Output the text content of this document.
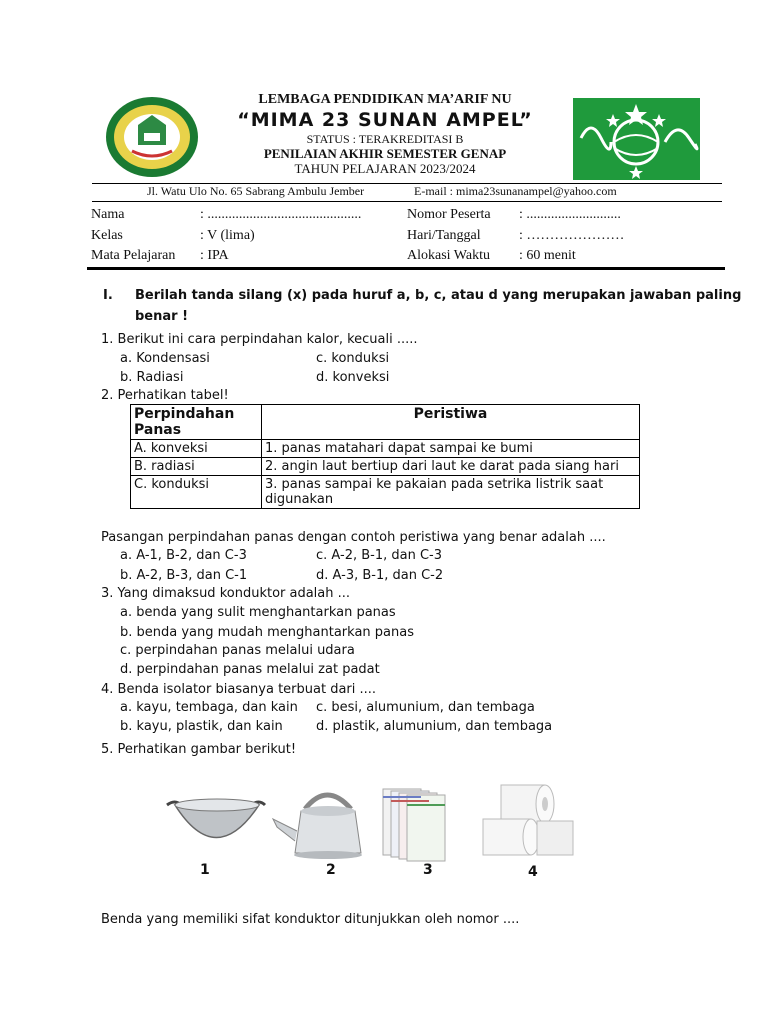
LEMBAGA PENDIDIKAN MA’ARIF NU
“MIMA 23 SUNAN AMPEL”
STATUS : TERAKREDITASI B
PENILAIAN AKHIR SEMESTER GENAP
TAHUN PELAJARAN 2023/2024
Jl. Watu Ulo No. 65 Sabrang Ambulu Jember	E-mail : mima23sunanampel@yahoo.com
Nama	: ............................................	Nomor Peserta : ...........................
Kelas	: V (lima)	Hari/Tanggal	: …………………
Mata Pelajaran : IPA	Alokasi Waktu : 60 menit
I. Berilah tanda silang (x) pada huruf a, b, c, atau d yang merupakan jawaban paling
benar !
1. Berikut ini cara perpindahan kalor, kecuali .....
a. Kondensasi	c. konduksi
b. Radiasi	d. konveksi
2. Perhatikan tabel!
Perpindahan Panas	Peristiwa
A. konveksi	1. panas matahari dapat sampai ke bumi
B. radiasi	2. angin laut bertiup dari laut ke darat pada siang hari
C. konduksi	3. panas sampai ke pakaian pada setrika listrik saat digunakan
Pasangan perpindahan panas dengan contoh peristiwa yang benar adalah ....
a. A-1, B-2, dan C-3	c. A-2, B-1, dan C-3
b. A-2, B-3, dan C-1	d. A-3, B-1, dan C-2
3. Yang dimaksud konduktor adalah ...
a. benda yang sulit menghantarkan panas
b. benda yang mudah menghantarkan panas
c. perpindahan panas melalui udara
d. perpindahan panas melalui zat padat
4. Benda isolator biasanya terbuat dari ....
a. kayu, tembaga, dan kain c. besi, alumunium, dan tembaga
b. kayu, plastik, dan kain	d. plastik, alumunium, dan tembaga
5. Perhatikan gambar berikut!
1	2	3	4
Benda yang memiliki sifat konduktor ditunjukkan oleh nomor ....
